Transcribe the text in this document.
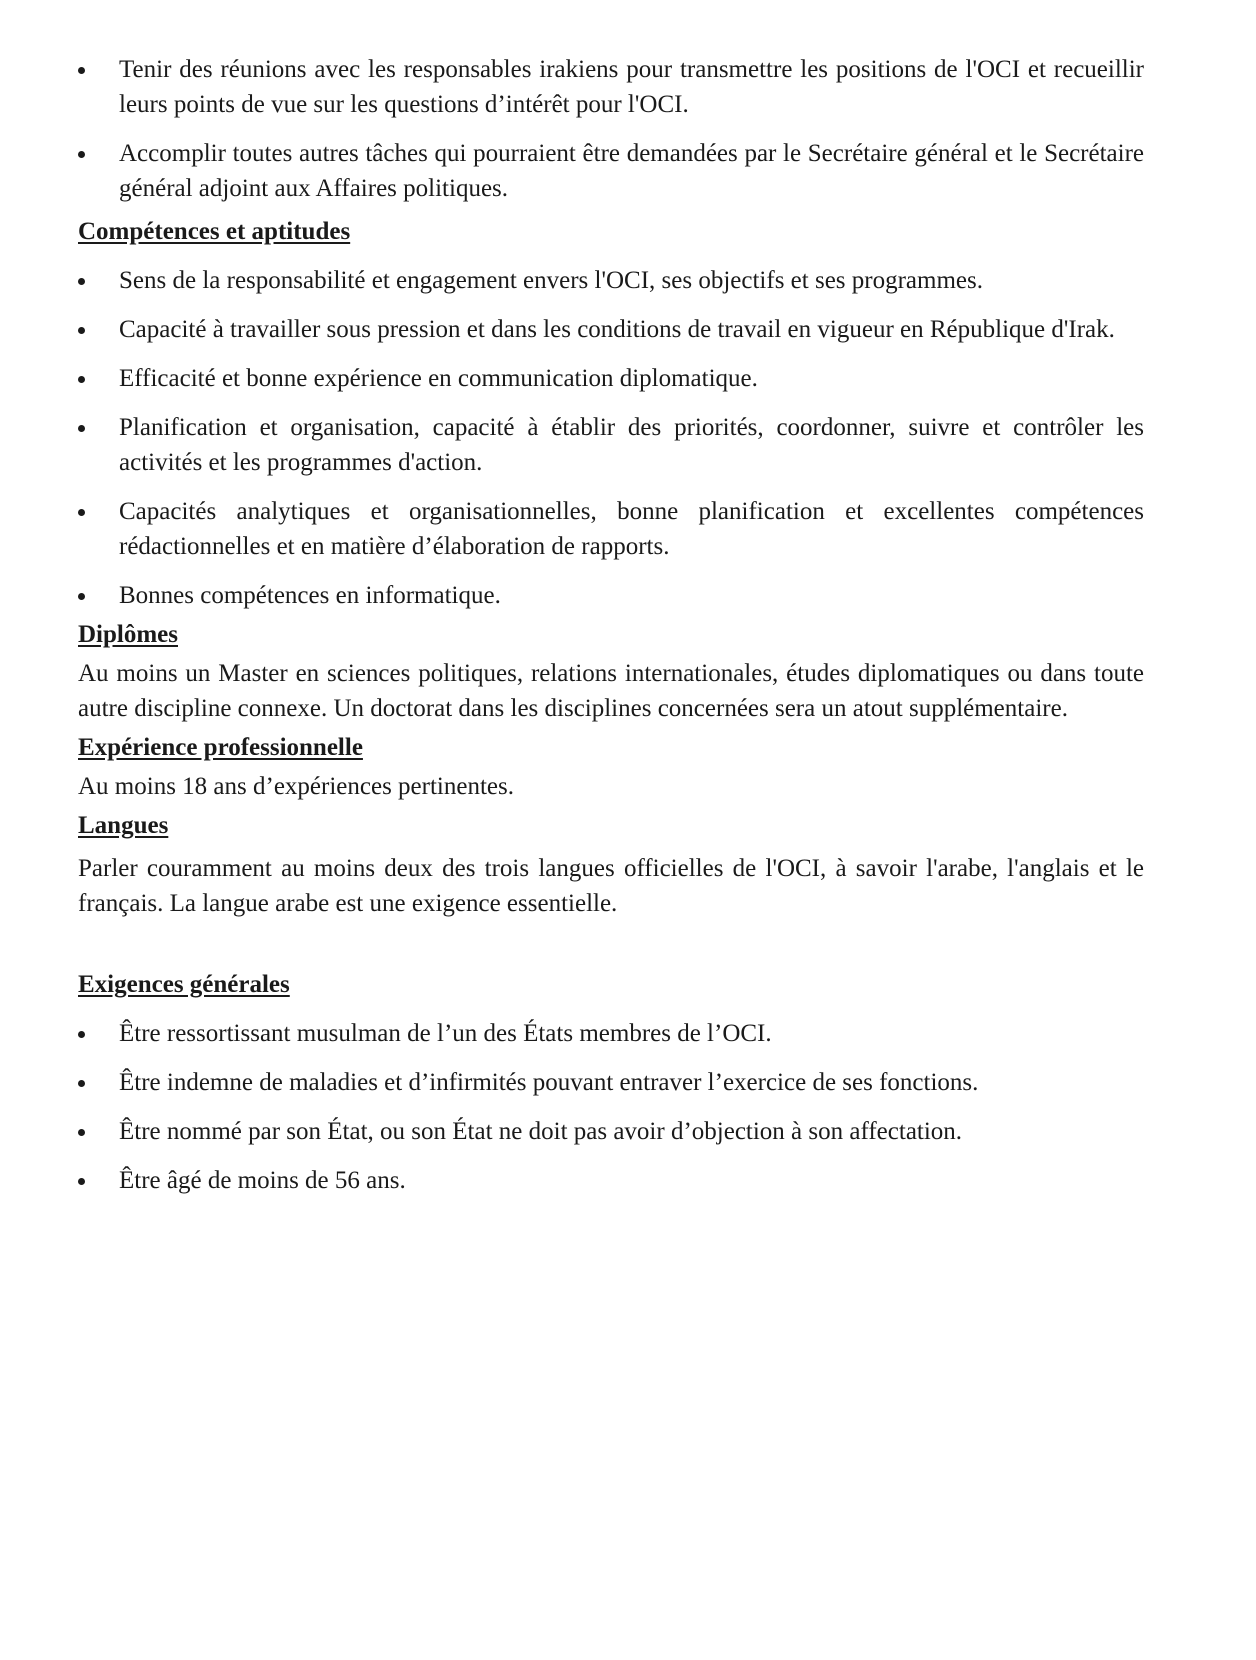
Tenir des réunions avec les responsables irakiens pour transmettre les positions de l'OCI et recueillir leurs points de vue sur les questions d’intérêt pour l'OCI.
Accomplir toutes autres tâches qui pourraient être demandées par le Secrétaire général et le Secrétaire général adjoint aux Affaires politiques.

Compétences et aptitudes

Sens de la responsabilité et engagement envers l'OCI, ses objectifs et ses programmes.
Capacité à travailler sous pression et dans les conditions de travail en vigueur en République d'Irak.
Efficacité et bonne expérience en communication diplomatique.
Planification et organisation, capacité à établir des priorités, coordonner, suivre et contrôler les activités et les programmes d'action.
Capacités analytiques et organisationnelles, bonne planification et excellentes compétences rédactionnelles et en matière d’élaboration de rapports.
Bonnes compétences en informatique.

Diplômes

Au moins un Master en sciences politiques, relations internationales, études diplomatiques ou dans toute autre discipline connexe. Un doctorat dans les disciplines concernées sera un atout supplémentaire.

Expérience professionnelle

Au moins 18 ans d’expériences pertinentes.

Langues

Parler couramment au moins deux des trois langues officielles de l'OCI, à savoir l'arabe, l'anglais et le français. La langue arabe est une exigence essentielle.

Exigences générales

Être ressortissant musulman de l’un des États membres de l’OCI.
Être indemne de maladies et d’infirmités pouvant entraver l’exercice de ses fonctions.
Être nommé par son État, ou son État ne doit pas avoir d’objection à son affectation.
Être âgé de moins de 56 ans.
